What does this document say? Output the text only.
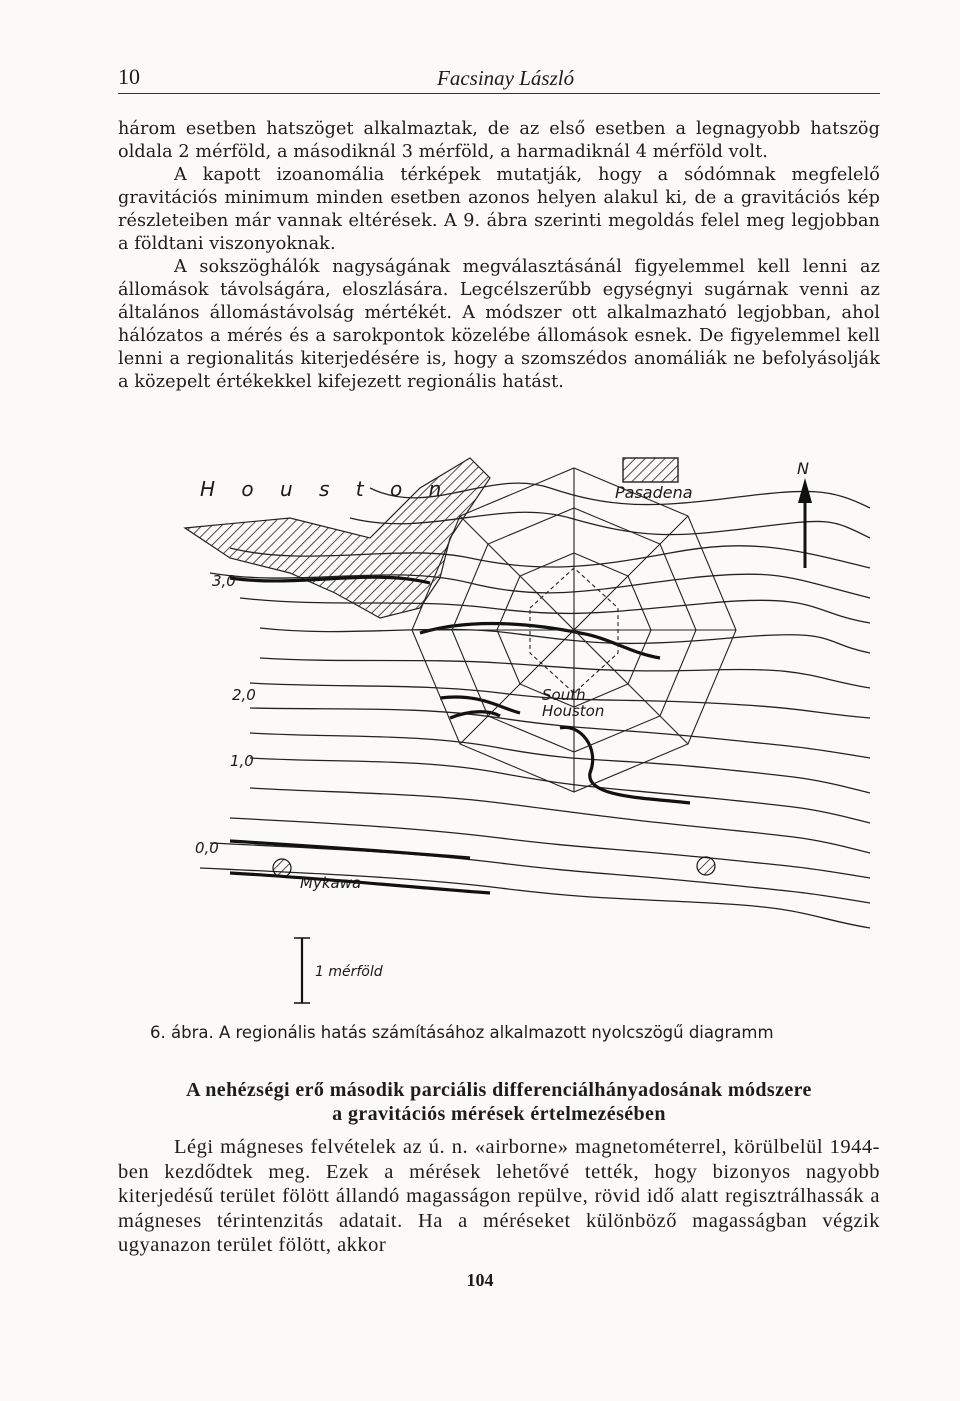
10	Facsinay László

három esetben hatszöget alkalmaztak, de az első esetben a legnagyobb hatszög oldala 2 mérföld, a másodiknál 3 mérföld, a harmadiknál 4 mérföld volt.

A kapott izoanomália térképek mutatják, hogy a sódómnak megfelelő gravitációs minimum minden esetben azonos helyen alakul ki, de a gravitációs kép részleteiben már vannak eltérések. A 9. ábra szerinti megoldás felel meg legjobban a földtani viszonyoknak.

A sokszöghálók nagyságának megválasztásánál figyelemmel kell lenni az állomások távolságára, eloszlására. Legcélszerűbb egységnyi sugárnak venni az általános állomástávolság mértékét. A módszer ott alkalmazható legjobban, ahol hálózatos a mérés és a sarokpontok közelébe állomások esnek. De figyelemmel kell lenni a regionalitás kiterjedésére is, hogy a szomszédos anomáliák ne befolyásolják a közepelt értékekkel kifejezett regionális hatást.

H o u s t o n	Pasadena
N
South
Houston
Mykawa
1 mérföld
3,0
2,0
1,0
0,0
6. ábra. A regionális hatás számításához alkalmazott nyolcszögű diagramm
A nehézségi erő második parciális differenciálhányadosának módszere
a gravitációs mérések értelmezésében

Légi mágneses felvételek az ú. n. «airborne» magnetométerrel, körülbelül 1944-ben kezdődtek meg. Ezek a mérések lehetővé tették, hogy bizonyos nagyobb kiterjedésű terület fölött állandó magasságon repülve, rövid idő alatt regisztrálhassák a mágneses térintenzitás adatait. Ha a méréseket különböző magasságban végzik ugyanazon terület fölött, akkor

104
